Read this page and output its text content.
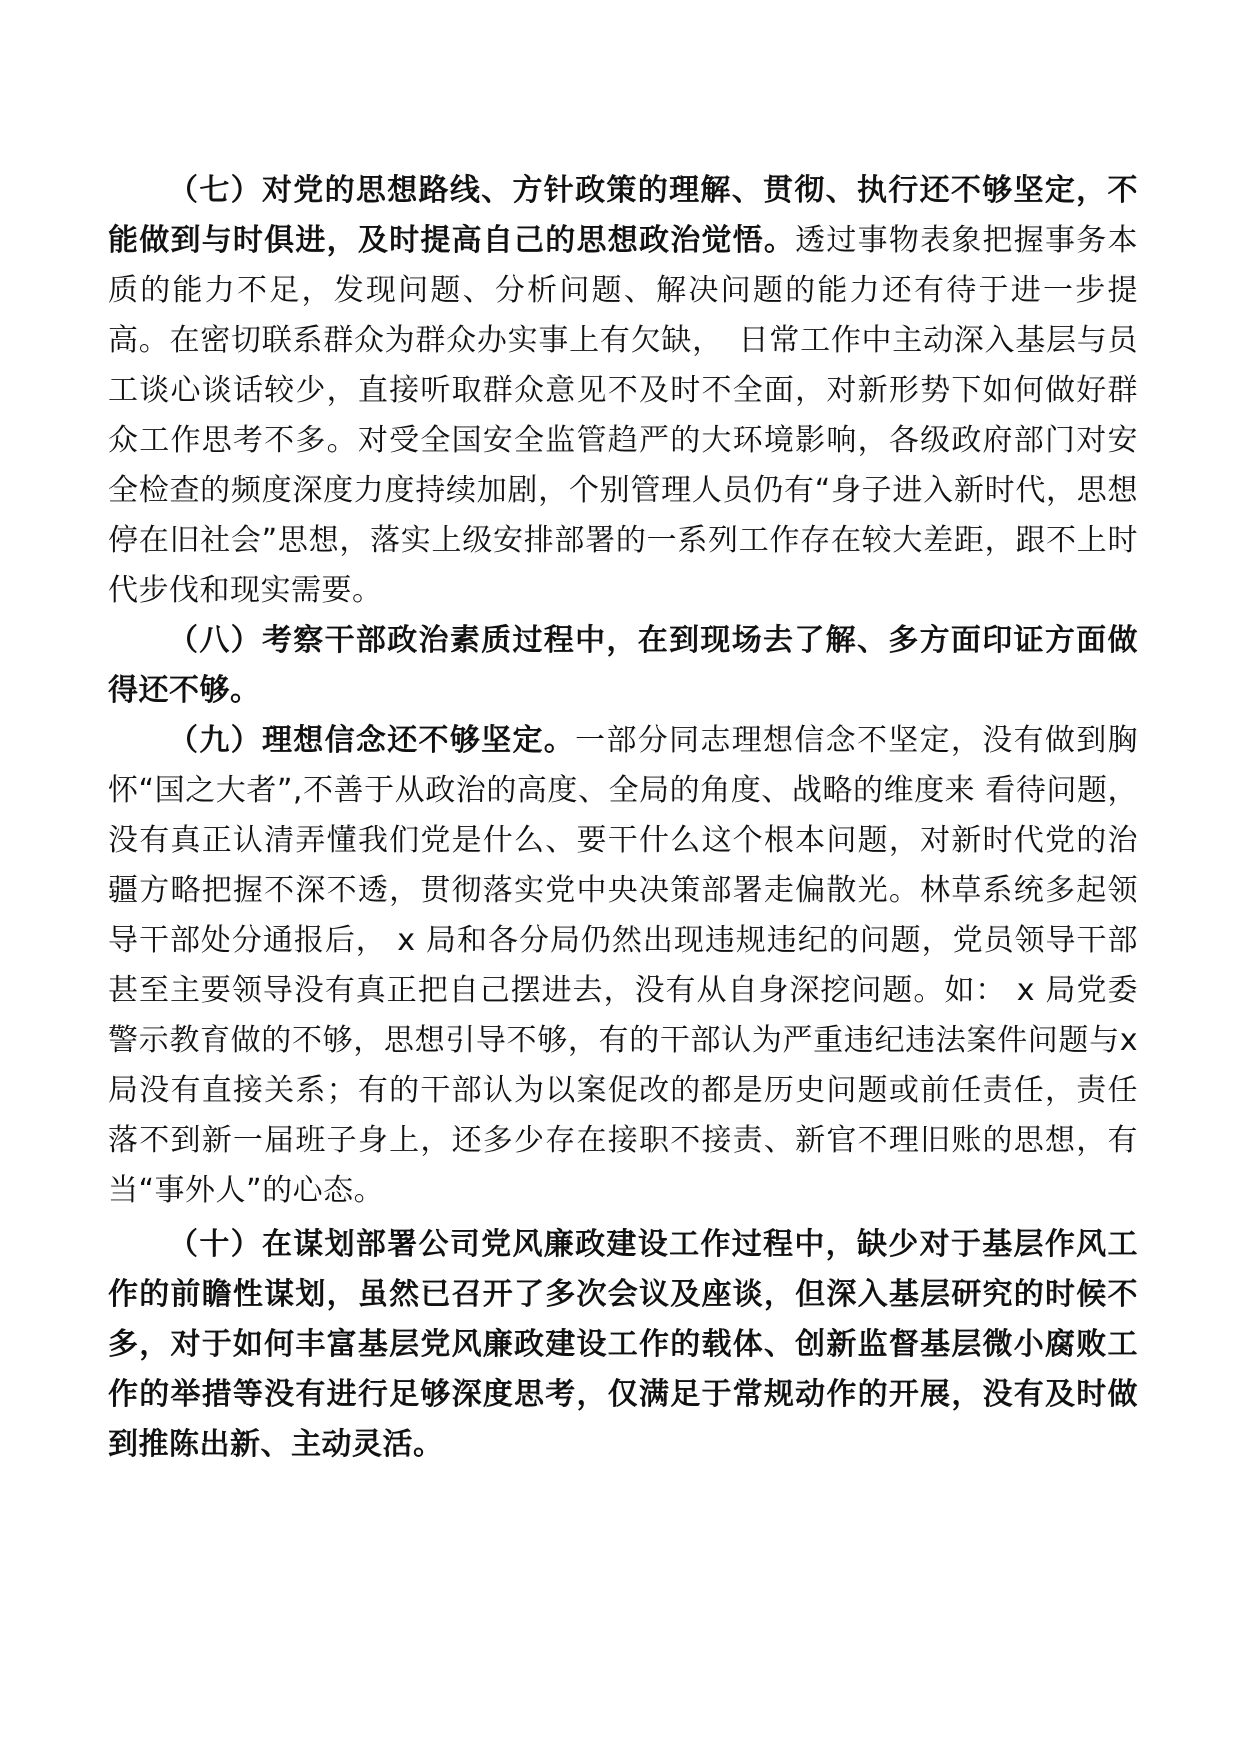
（七）对党的思想路线、方针政策的理解、贯彻、执行还不够坚定，不能做到与时俱进，及时提高自己的思想政治觉悟。透过事物表象把握事务本质的能力不足，发现问题、分析问题、解决问题的能力还有待于进一步提高。在密切联系群众为群众办实事上有欠缺，　日常工作中主动深入基层与员工谈心谈话较少，直接听取群众意见不及时不全面，对新形势下如何做好群众工作思考不多。对受全国安全监管趋严的大环境影响，各级政府部门对安全检查的频度深度力度持续加剧，个别管理人员仍有“身子进入新时代，思想停在旧社会”思想，落实上级安排部署的一系列工作存在较大差距，跟不上时代步伐和现实需要。

（八）考察干部政治素质过程中，在到现场去了解、多方面印证方面做得还不够。

（九）理想信念还不够坚定。一部分同志理想信念不坚定，没有做到胸怀“国之大者”,不善于从政治的高度、全局的角度、战略的维度来 看待问题，没有真正认清弄懂我们党是什么、要干什么这个根本问题，对新时代党的治疆方略把握不深不透，贯彻落实党中央决策部署走偏散光。林草系统多起领导干部处分通报后， x 局和各分局仍然出现违规违纪的问题，党员领导干部甚至主要领导没有真正把自己摆进去，没有从自身深挖问题。如： x 局党委警示教育做的不够，思想引导不够，有的干部认为严重违纪违法案件问题与x 局没有直接关系；有的干部认为以案促改的都是历史问题或前任责任，责任落不到新一届班子身上，还多少存在接职不接责、新官不理旧账的思想，有当“事外人”的心态。

（十）在谋划部署公司党风廉政建设工作过程中，缺少对于基层作风工作的前瞻性谋划，虽然已召开了多次会议及座谈，但深入基层研究的时候不多，对于如何丰富基层党风廉政建设工作的载体、创新监督基层微小腐败工作的举措等没有进行足够深度思考，仅满足于常规动作的开展，没有及时做到推陈出新、主动灵活。
